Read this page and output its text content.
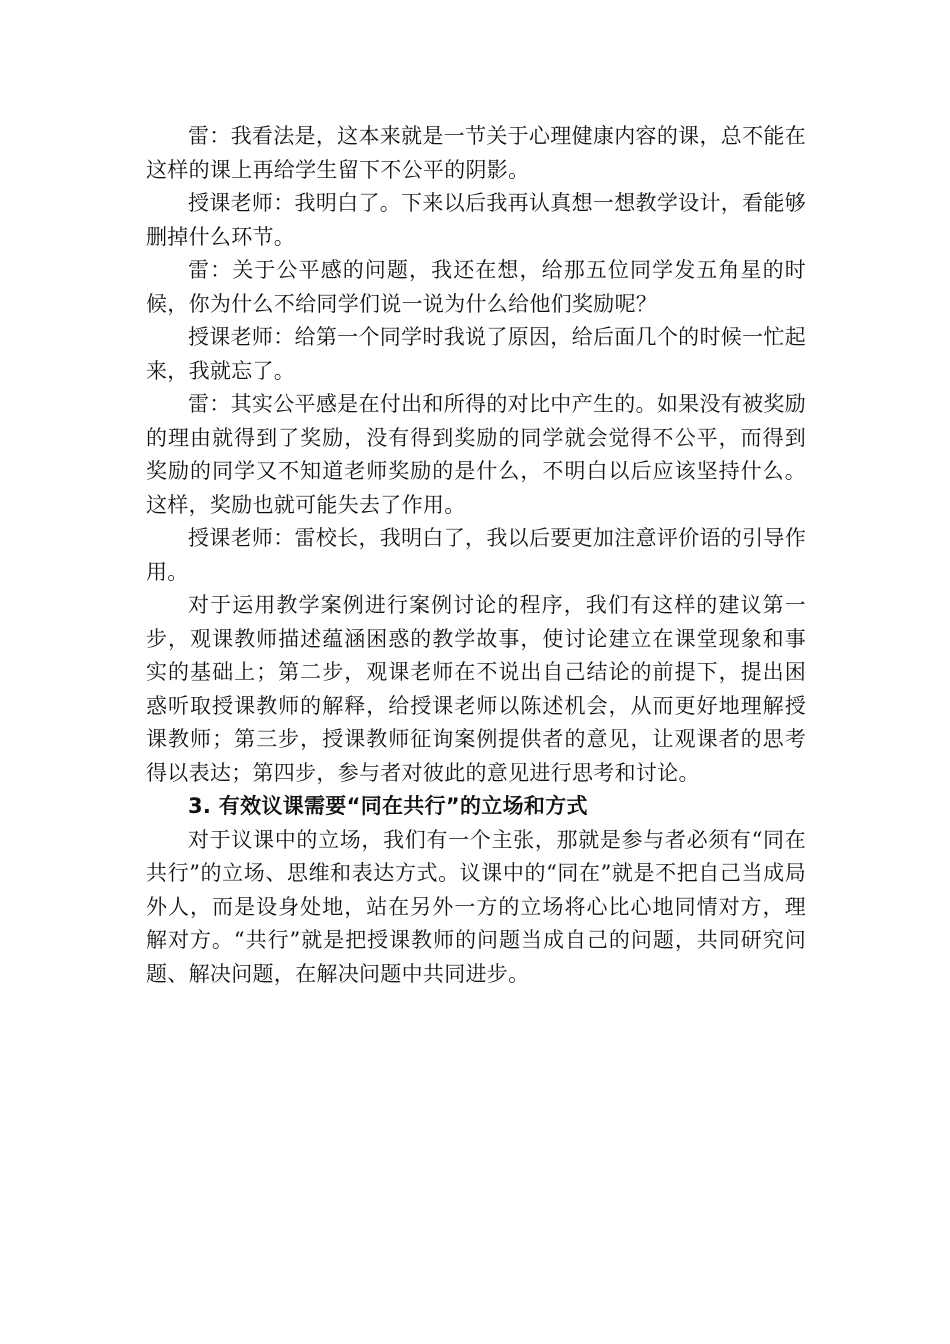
雷：我看法是，这本来就是一节关于心理健康内容的课，总不能在这样的课上再给学生留下不公平的阴影。

授课老师：我明白了。下来以后我再认真想一想教学设计，看能够删掉什么环节。

雷：关于公平感的问题，我还在想，给那五位同学发五角星的时候，你为什么不给同学们说一说为什么给他们奖励呢？

授课老师：给第一个同学时我说了原因，给后面几个的时候一忙起来，我就忘了。

雷：其实公平感是在付出和所得的对比中产生的。如果没有被奖励的理由就得到了奖励，没有得到奖励的同学就会觉得不公平，而得到奖励的同学又不知道老师奖励的是什么，不明白以后应该坚持什么。这样，奖励也就可能失去了作用。

授课老师：雷校长，我明白了，我以后要更加注意评价语的引导作用。

对于运用教学案例进行案例讨论的程序，我们有这样的建议第一步，观课教师描述蕴涵困惑的教学故事，使讨论建立在课堂现象和事实的基础上；第二步，观课老师在不说出自己结论的前提下，提出困惑听取授课教师的解释，给授课老师以陈述机会，从而更好地理解授课教师；第三步，授课教师征询案例提供者的意见，让观课者的思考得以表达；第四步，参与者对彼此的意见进行思考和讨论。

3. 有效议课需要“同在共行”的立场和方式

对于议课中的立场，我们有一个主张，那就是参与者必须有“同在共行”的立场、思维和表达方式。议课中的“同在”就是不把自己当成局外人，而是设身处地，站在另外一方的立场将心比心地同情对方，理解对方。“共行”就是把授课教师的问题当成自己的问题，共同研究问题、解决问题，在解决问题中共同进步。
